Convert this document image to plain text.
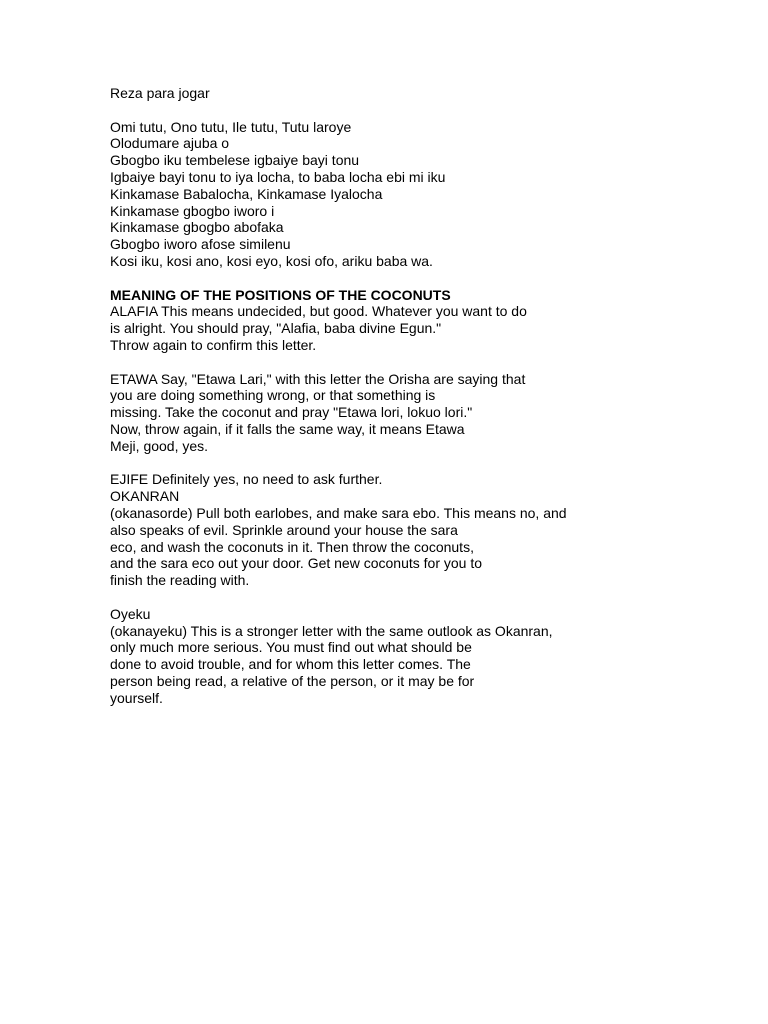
Reza para jogar
Omi tutu, Ono tutu, Ile tutu, Tutu laroye
Olodumare ajuba o
Gbogbo iku tembelese igbaiye bayi tonu
Igbaiye bayi tonu to iya locha, to baba locha ebi mi iku
Kinkamase Babalocha, Kinkamase Iyalocha
Kinkamase gbogbo iworo i
Kinkamase gbogbo abofaka
Gbogbo iworo afose similenu
Kosi iku, kosi ano, kosi eyo, kosi ofo, ariku baba wa.
MEANING OF THE POSITIONS OF THE COCONUTS
ALAFIA This means undecided, but good. Whatever you want to do
is alright. You should pray, "Alafia, baba divine Egun."
Throw again to confirm this letter.
ETAWA Say, "Etawa Lari," with this letter the Orisha are saying that
you are doing something wrong, or that something is
missing. Take the coconut and pray "Etawa lori, lokuo lori."
Now, throw again, if it falls the same way, it means Etawa
Meji, good, yes.
EJIFE Definitely yes, no need to ask further.
OKANRAN
(okanasorde) Pull both earlobes, and make sara ebo. This means no, and
also speaks of evil. Sprinkle around your house the sara
eco, and wash the coconuts in it. Then throw the coconuts,
and the sara eco out your door. Get new coconuts for you to
finish the reading with.
Oyeku
(okanayeku) This is a stronger letter with the same outlook as Okanran,
only much more serious. You must find out what should be
done to avoid trouble, and for whom this letter comes. The
person being read, a relative of the person, or it may be for
yourself.
